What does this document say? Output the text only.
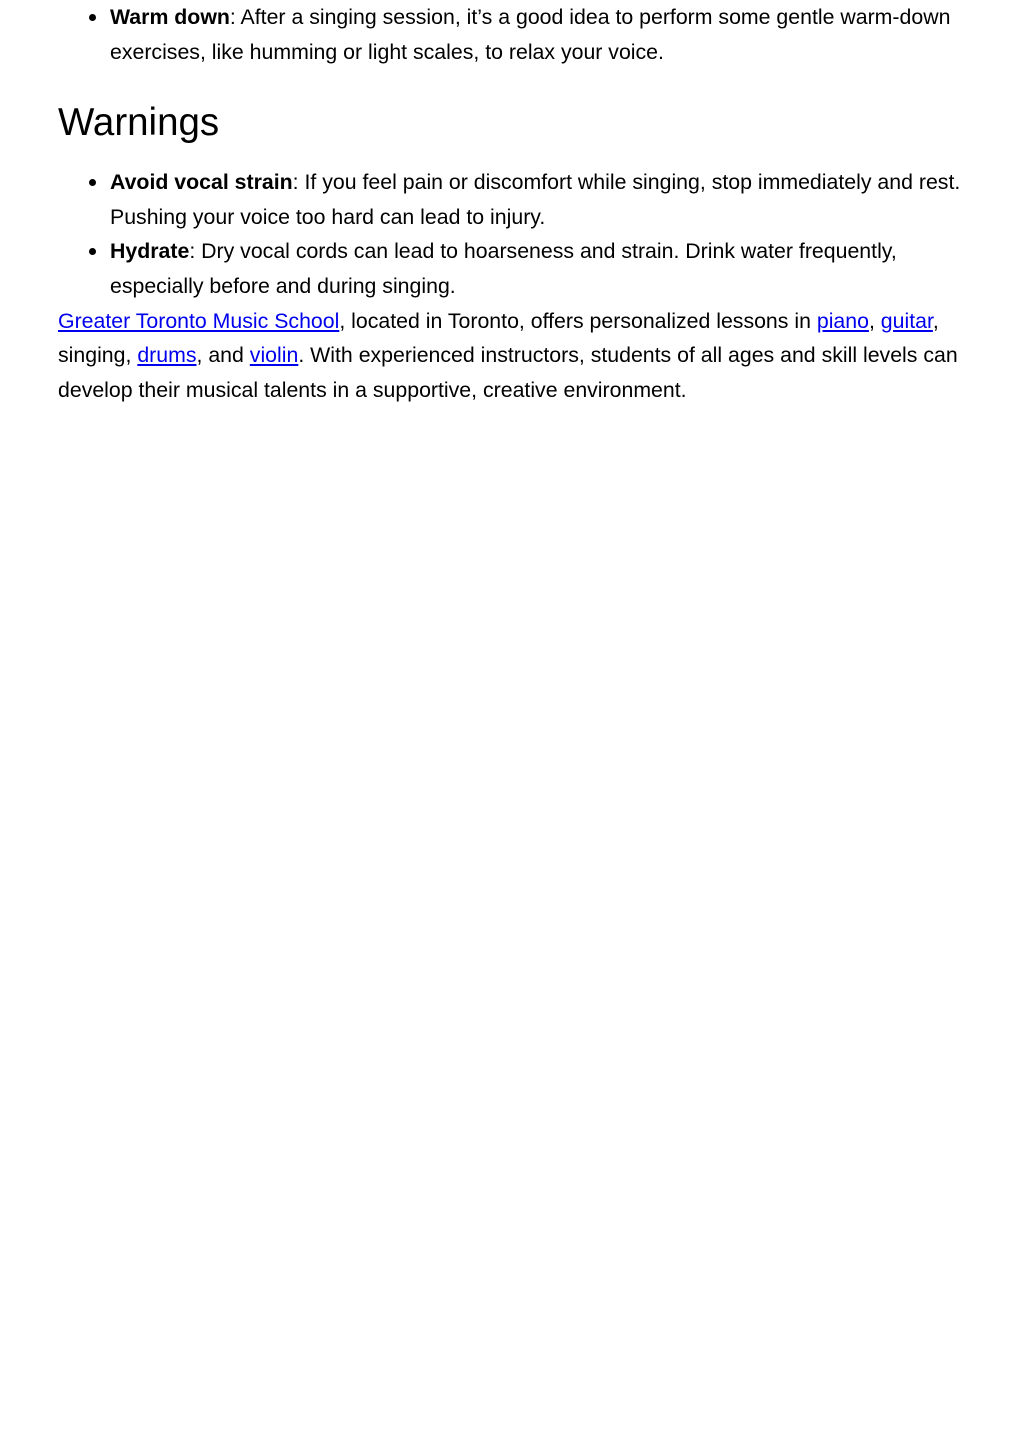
Warm down: After a singing session, it’s a good idea to perform some gentle warm-down exercises, like humming or light scales, to relax your voice.
Warnings
Avoid vocal strain: If you feel pain or discomfort while singing, stop immediately and rest. Pushing your voice too hard can lead to injury.
Hydrate: Dry vocal cords can lead to hoarseness and strain. Drink water frequently, especially before and during singing.

Greater Toronto Music School, located in Toronto, offers personalized lessons in piano, guitar, singing, drums, and violin. With experienced instructors, students of all ages and skill levels can develop their musical talents in a supportive, creative environment.
